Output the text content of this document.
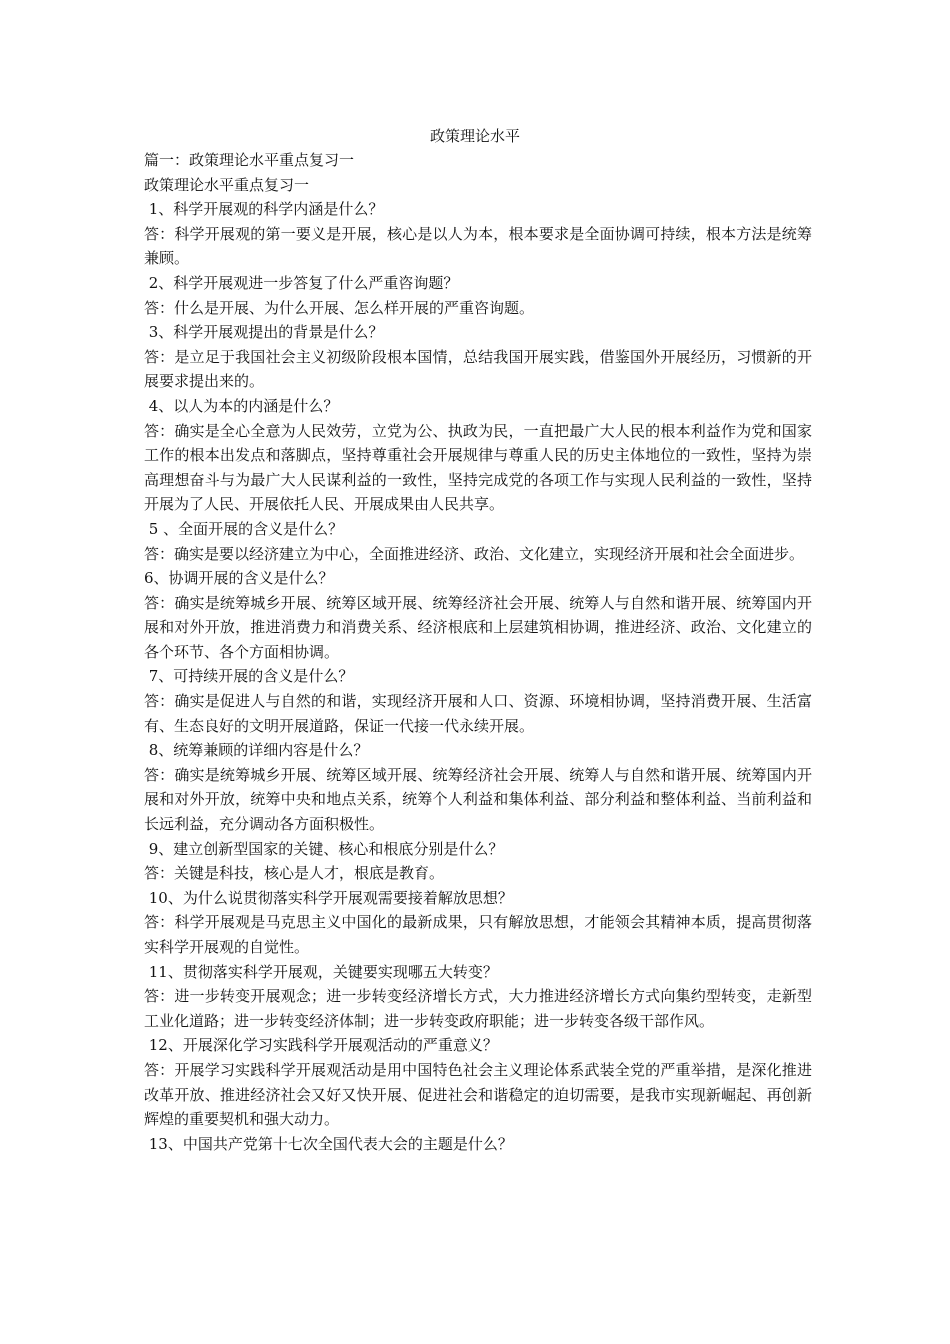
政策理论水平
篇一：政策理论水平重点复习一
政策理论水平重点复习一
1、科学开展观的科学内涵是什么？
答：科学开展观的第一要义是开展，核心是以人为本，根本要求是全面协调可持续，根本方法是统筹兼顾。
2、科学开展观进一步答复了什么严重咨询题？
答：什么是开展、为什么开展、怎么样开展的严重咨询题。
3、科学开展观提出的背景是什么？
答：是立足于我国社会主义初级阶段根本国情，总结我国开展实践，借鉴国外开展经历，习惯新的开展要求提出来的。
4、以人为本的内涵是什么？
答：确实是全心全意为人民效劳，立党为公、执政为民，一直把最广大人民的根本利益作为党和国家工作的根本出发点和落脚点，坚持尊重社会开展规律与尊重人民的历史主体地位的一致性，坚持为崇高理想奋斗与为最广大人民谋利益的一致性，坚持完成党的各项工作与实现人民利益的一致性，坚持开展为了人民、开展依托人民、开展成果由人民共享。
5 、全面开展的含义是什么？
答：确实是要以经济建立为中心，全面推进经济、政治、文化建立，实现经济开展和社会全面进步。
6、协调开展的含义是什么？
答：确实是统筹城乡开展、统筹区域开展、统筹经济社会开展、统筹人与自然和谐开展、统筹国内开展和对外开放，推进消费力和消费关系、经济根底和上层建筑相协调，推进经济、政治、文化建立的各个环节、各个方面相协调。
7、可持续开展的含义是什么？
答：确实是促进人与自然的和谐，实现经济开展和人口、资源、环境相协调，坚持消费开展、生活富有、生态良好的文明开展道路，保证一代接一代永续开展。
8、统筹兼顾的详细内容是什么？
答：确实是统筹城乡开展、统筹区域开展、统筹经济社会开展、统筹人与自然和谐开展、统筹国内开展和对外开放，统筹中央和地点关系，统筹个人利益和集体利益、部分利益和整体利益、当前利益和长远利益，充分调动各方面积极性。
9、建立创新型国家的关键、核心和根底分别是什么？
答：关键是科技，核心是人才，根底是教育。
10、为什么说贯彻落实科学开展观需要接着解放思想？
答：科学开展观是马克思主义中国化的最新成果，只有解放思想，才能领会其精神本质，提高贯彻落实科学开展观的自觉性。
11、贯彻落实科学开展观，关键要实现哪五大转变？
答：进一步转变开展观念；进一步转变经济增长方式，大力推进经济增长方式向集约型转变，走新型工业化道路；进一步转变经济体制；进一步转变政府职能；进一步转变各级干部作风。
12、开展深化学习实践科学开展观活动的严重意义？
答：开展学习实践科学开展观活动是用中国特色社会主义理论体系武装全党的严重举措，是深化推进改革开放、推进经济社会又好又快开展、促进社会和谐稳定的迫切需要，是我市实现新崛起、再创新辉煌的重要契机和强大动力。
13、中国共产党第十七次全国代表大会的主题是什么？
